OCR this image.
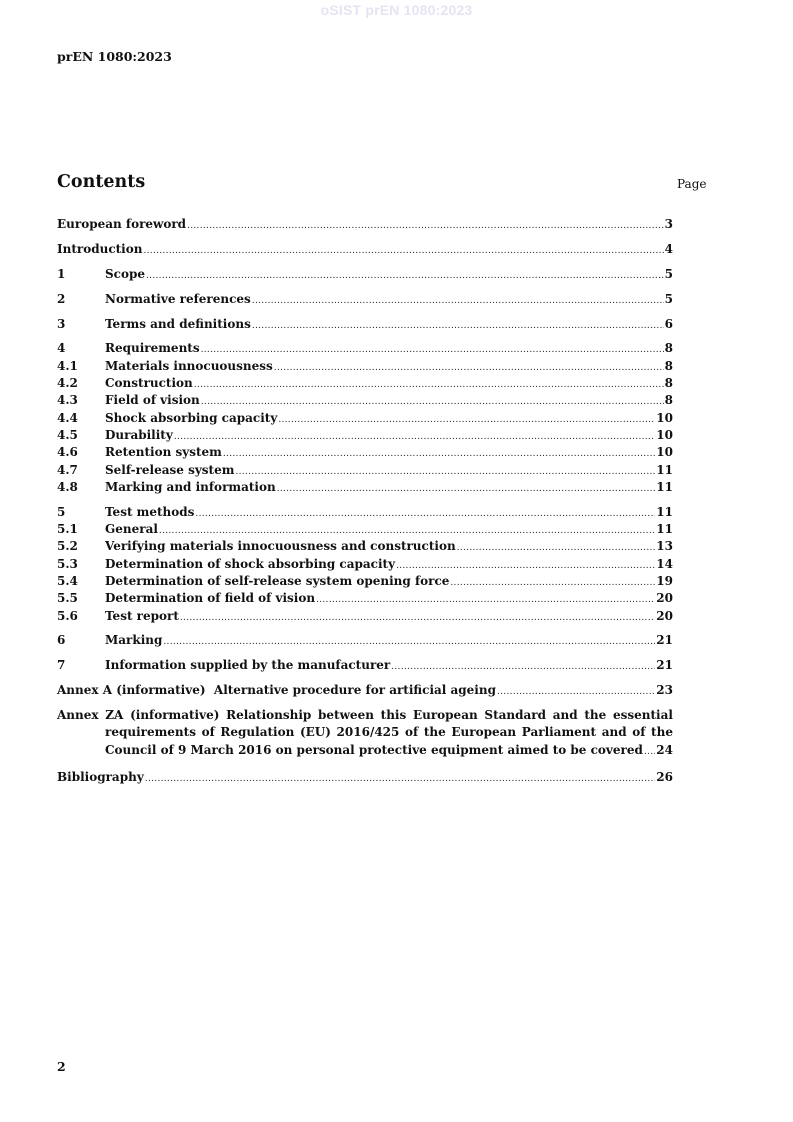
oSIST prEN 1080:2023
prEN 1080:2023
Contents	Page
European foreword .....	3
Introduction .....	4
1	Scope .....	5
2	Normative references .....	5
3	Terms and definitions .....	6
4	Requirements .....	8
4.1	Materials innocuousness .....	8
4.2	Construction .....	8
4.3	Field of vision .....	8
4.4	Shock absorbing capacity .....	10
4.5	Durability .....	10
4.6	Retention system .....	10
4.7	Self-release system .....	11
4.8	Marking and information .....	11
5	Test methods .....	11
5.1	General .....	11
5.2	Verifying materials innocuousness and construction .....	13
5.3	Determination of shock absorbing capacity .....	14
5.4	Determination of self-release system opening force .....	19
5.5	Determination of field of vision .....	20
5.6	Test report .....	20
6	Marking .....	21
7	Information supplied by the manufacturer .....	21
Annex A (informative)  Alternative procedure for artificial ageing .....	23
Annex ZA (informative) Relationship between this European Standard and the essential
requirements of Regulation (EU) 2016/425 of the European Parliament and of the
Council of 9 March 2016 on personal protective equipment aimed to be covered ..... 24
Bibliography .....	26
2
